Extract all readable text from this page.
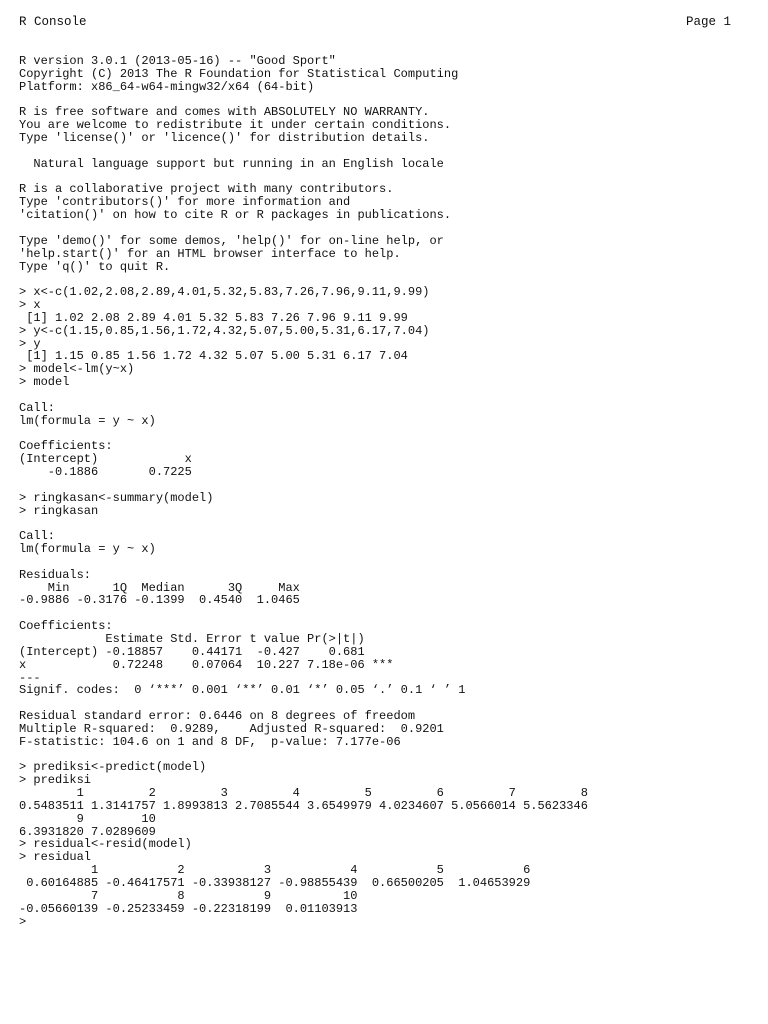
R Console	Page 1
R version 3.0.1 (2013-05-16) -- "Good Sport"
Copyright (C) 2013 The R Foundation for Statistical Computing
Platform: x86_64-w64-mingw32/x64 (64-bit)
R is free software and comes with ABSOLUTELY NO WARRANTY.
You are welcome to redistribute it under certain conditions.
Type 'license()' or 'licence()' for distribution details.
Natural language support but running in an English locale
R is a collaborative project with many contributors.
Type 'contributors()' for more information and
'citation()' on how to cite R or R packages in publications.
Type 'demo()' for some demos, 'help()' for on-line help, or
'help.start()' for an HTML browser interface to help.
Type 'q()' to quit R.
> x<-c(1.02,2.08,2.89,4.01,5.32,5.83,7.26,7.96,9.11,9.99)
> x
[1] 1.02 2.08 2.89 4.01 5.32 5.83 7.26 7.96 9.11 9.99
> y<-c(1.15,0.85,1.56,1.72,4.32,5.07,5.00,5.31,6.17,7.04)
> y
[1] 1.15 0.85 1.56 1.72 4.32 5.07 5.00 5.31 6.17 7.04
> model<-lm(y~x)
> model
Call:
lm(formula = y ~ x)
Coefficients:
(Intercept)            x
-0.1886       0.7225
> ringkasan<-summary(model)
> ringkasan
Call:
lm(formula = y ~ x)
Residuals:
Min      1Q  Median      3Q     Max
-0.9886 -0.3176 -0.1399  0.4540  1.0465
Coefficients:
Estimate Std. Error t value Pr(>|t|)
(Intercept) -0.18857    0.44171  -0.427    0.681
x            0.72248    0.07064  10.227 7.18e-06 ***
---
Signif. codes:  0 ‘***’ 0.001 ‘**’ 0.01 ‘*’ 0.05 ‘.’ 0.1 ‘ ’ 1
Residual standard error: 0.6446 on 8 degrees of freedom
Multiple R-squared:  0.9289,    Adjusted R-squared:  0.9201
F-statistic: 104.6 on 1 and 8 DF,  p-value: 7.177e-06
> prediksi<-predict(model)
> prediksi
1         2         3         4         5         6         7         8
0.5483511 1.3141757 1.8993813 2.7085544 3.6549979 4.0234607 5.0566014 5.5623346
9        10
6.3931820 7.0289609
> residual<-resid(model)
> residual
1           2           3           4           5           6
0.60164885 -0.46417571 -0.33938127 -0.98855439  0.66500205  1.04653929
7           8           9          10
-0.05660139 -0.25233459 -0.22318199  0.01103913
>
